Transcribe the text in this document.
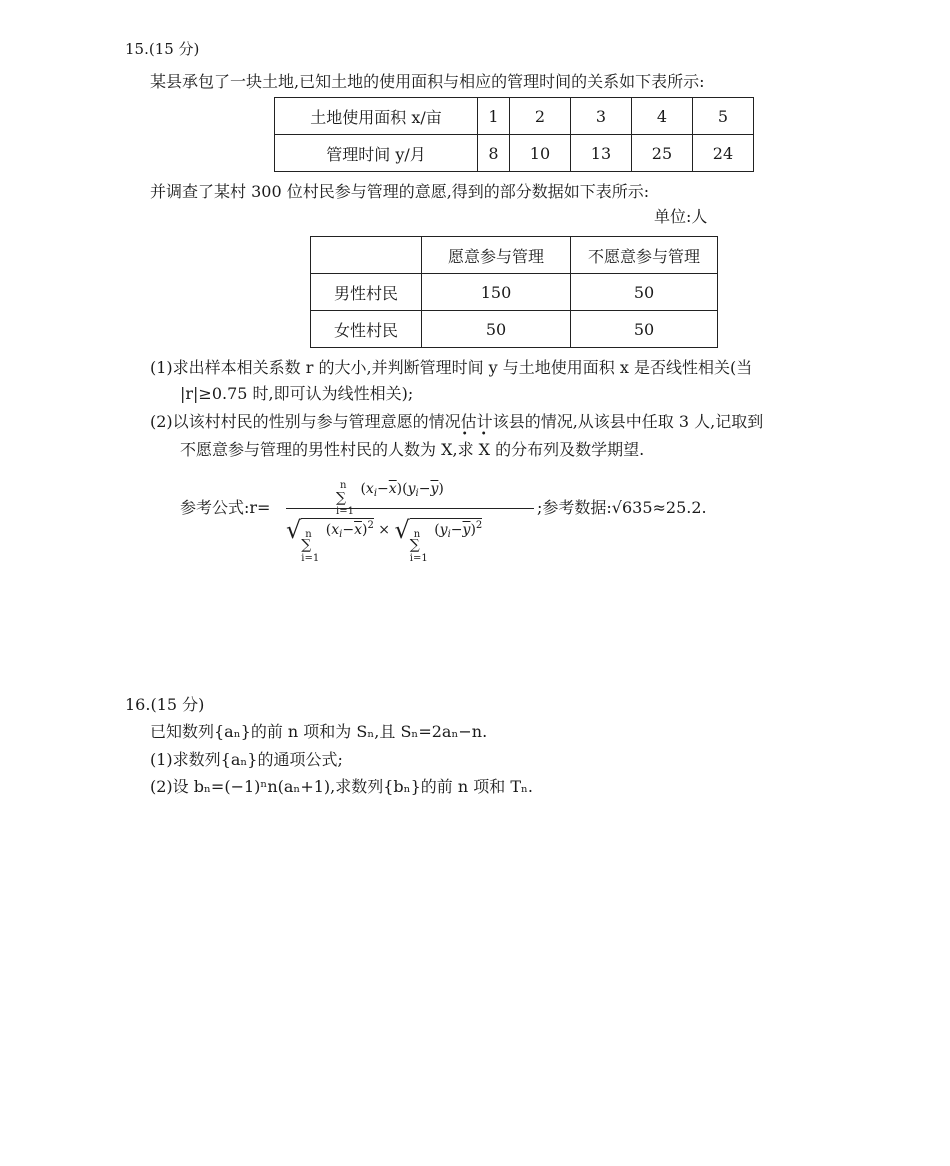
15.(15 分)
某县承包了一块土地,已知土地的使用面积与相应的管理时间的关系如下表所示:
土地使用面积 x/亩	1	2	3	4	5
管理时间 y/月	8	10	13	25	24
并调查了某村 300 位村民参与管理的意愿,得到的部分数据如下表所示:
单位:人
	愿意参与管理	不愿意参与管理
男性村民	150	50
女性村民	50	50
(1)求出样本相关系数 r 的大小,并判断管理时间 y 与土地使用面积 x 是否线性相关(当
|r|≥0.75 时,即可认为线性相关);
(2)以该村村民的性别与参与管理意愿的情况估计
• •
该县的情况,从该县中任取 3 人,记取到
不愿意参与管理的男性村民的人数为 X,求 X 的分布列及数学期望.
参考公式:r=
n
∑
i=1
$(x_i-\overline{x})(y_i-\overline{y})$
√ n
∑
i=1
$(x_i-\overline{x})^2$ × √ n
∑
i=1
$(y_i-\overline{y})^2$
;参考数据:√635≈25.2.
16.(15 分)
已知数列{aₙ}的前 n 项和为 Sₙ,且 Sₙ=2aₙ−n.
(1)求数列{aₙ}的通项公式;
(2)设 bₙ=(−1)ⁿn(aₙ+1),求数列{bₙ}的前 n 项和 Tₙ.
